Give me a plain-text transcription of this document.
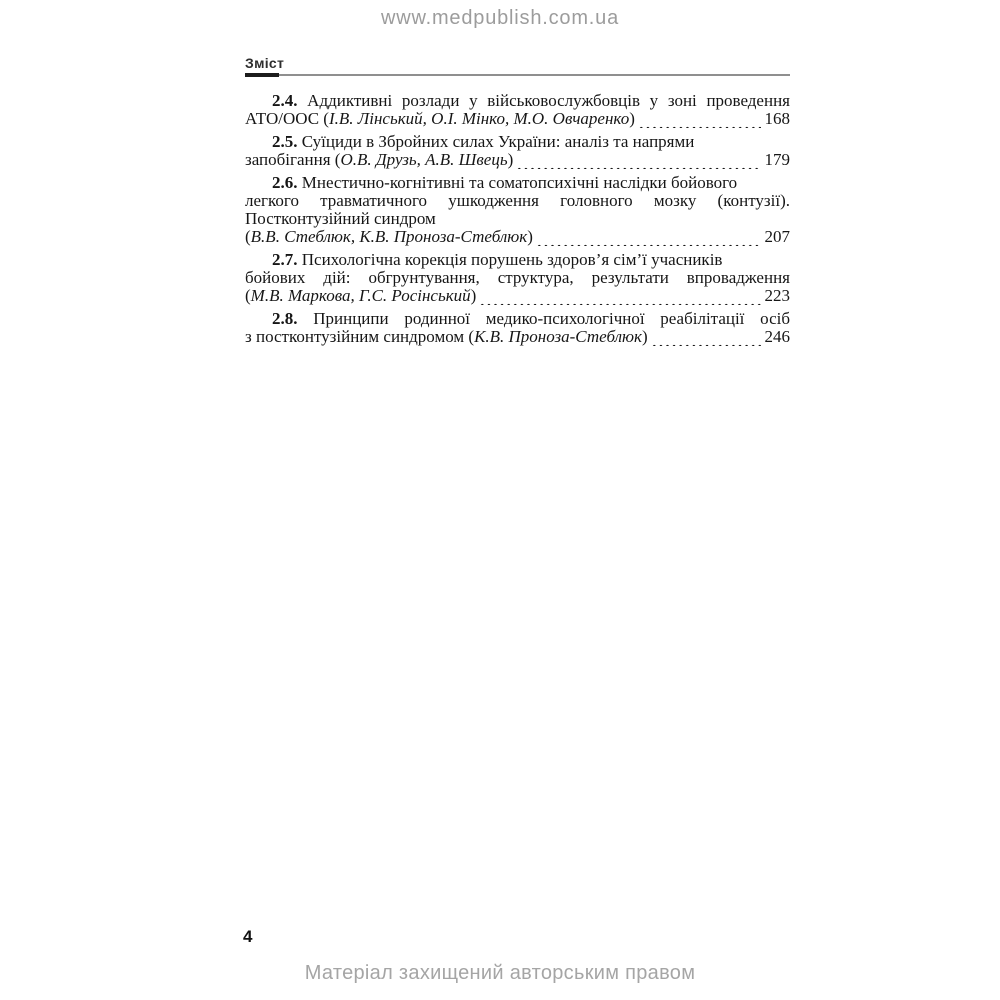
www.medpublish.com.ua
Зміст
2.4. Аддиктивні розлади у військовослужбовців у зоні проведення
АТО/ООС ( І.В. Лінський, О.І. Мінко, М.О. Овчаренко )	168
2.5. Суїциди в Збройних силах України: аналіз та напрями
запобігання ( О.В. Друзь, А.В. Швець )	179
2.6. Мнестично-когнітивні та соматопсихічні наслідки бойового
легкого травматичного ушкодження головного мозку (контузії).
Постконтузійний синдром
( В.В. Стеблюк, К.В. Проноза-Стеблюк )	207
2.7. Психологічна корекція порушень здоров’я сім’ї учасників
бойових дій: обгрунтування, структура, результати впровадження
( М.В. Маркова, Г.С. Росінський )	223
2.8. Принципи родинної медико-психологічної реабілітації осіб
з постконтузійним синдромом ( К.В. Проноза-Стеблюк )	246
4
Матеріал захищений авторським правом
